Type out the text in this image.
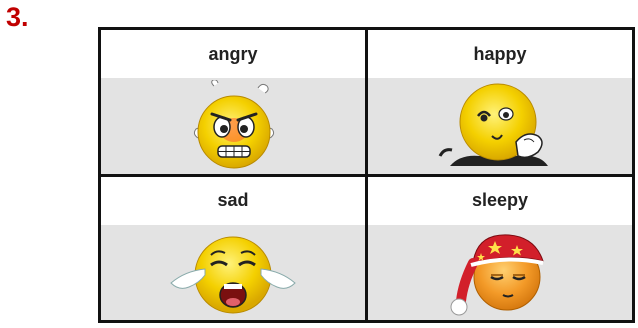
3.
angry	happy
sad	sleepy
